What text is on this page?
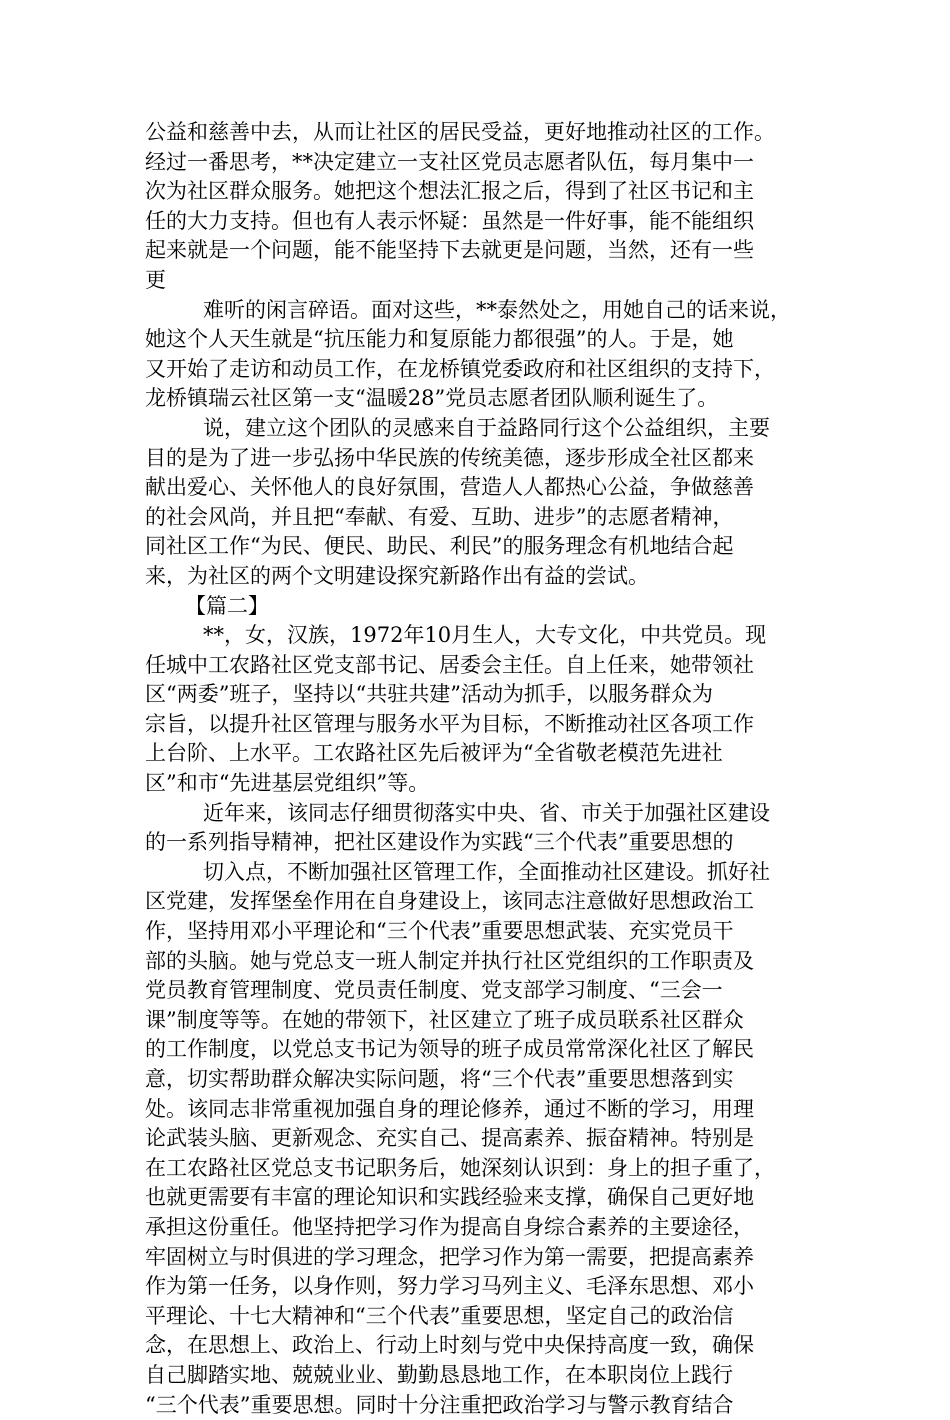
公益和慈善中去，从而让社区的居民受益，更好地推动社区的工作。
经过一番思考，**决定建立一支社区党员志愿者队伍，每月集中一
次为社区群众服务。她把这个想法汇报之后，得到了社区书记和主
任的大力支持。但也有人表示怀疑：虽然是一件好事，能不能组织
起来就是一个问题，能不能坚持下去就更是问题，当然，还有一些
更
难听的闲言碎语。面对这些，**泰然处之，用她自己的话来说，
她这个人天生就是“抗压能力和复原能力都很强”的人。于是，她
又开始了走访和动员工作，在龙桥镇党委政府和社区组织的支持下，
龙桥镇瑞云社区第一支“温暖28”党员志愿者团队顺利诞生了。
说，建立这个团队的灵感来自于益路同行这个公益组织，主要
目的是为了进一步弘扬中华民族的传统美德，逐步形成全社区都来
献出爱心、关怀他人的良好氛围，营造人人都热心公益，争做慈善
的社会风尚，并且把“奉献、有爱、互助、进步”的志愿者精神，
同社区工作“为民、便民、助民、利民”的服务理念有机地结合起
来，为社区的两个文明建设探究新路作出有益的尝试。
【篇二】
**，女，汉族，1972年10月生人，大专文化，中共党员。现
任城中工农路社区党支部书记、居委会主任。自上任来，她带领社
区“两委”班子，坚持以“共驻共建”活动为抓手，以服务群众为
宗旨，以提升社区管理与服务水平为目标，不断推动社区各项工作
上台阶、上水平。工农路社区先后被评为“全省敬老模范先进社
区”和市“先进基层党组织”等。
近年来，该同志仔细贯彻落实中央、省、市关于加强社区建设
的一系列指导精神，把社区建设作为实践“三个代表”重要思想的
切入点，不断加强社区管理工作，全面推动社区建设。抓好社
区党建，发挥堡垒作用在自身建设上，该同志注意做好思想政治工
作，坚持用邓小平理论和“三个代表”重要思想武装、充实党员干
部的头脑。她与党总支一班人制定并执行社区党组织的工作职责及
党员教育管理制度、党员责任制度、党支部学习制度、“三会一
课”制度等等。在她的带领下，社区建立了班子成员联系社区群众
的工作制度，以党总支书记为领导的班子成员常常深化社区了解民
意，切实帮助群众解决实际问题，将“三个代表”重要思想落到实
处。该同志非常重视加强自身的理论修养，通过不断的学习，用理
论武装头脑、更新观念、充实自己、提高素养、振奋精神。特别是
在工农路社区党总支书记职务后，她深刻认识到：身上的担子重了，
也就更需要有丰富的理论知识和实践经验来支撑，确保自己更好地
承担这份重任。他坚持把学习作为提高自身综合素养的主要途径，
牢固树立与时俱进的学习理念，把学习作为第一需要，把提高素养
作为第一任务，以身作则，努力学习马列主义、毛泽东思想、邓小
平理论、十七大精神和“三个代表”重要思想，坚定自己的政治信
念，在思想上、政治上、行动上时刻与党中央保持高度一致，确保
自己脚踏实地、兢兢业业、勤勤恳恳地工作，在本职岗位上践行
“三个代表”重要思想。同时十分注重把政治学习与警示教育结合
